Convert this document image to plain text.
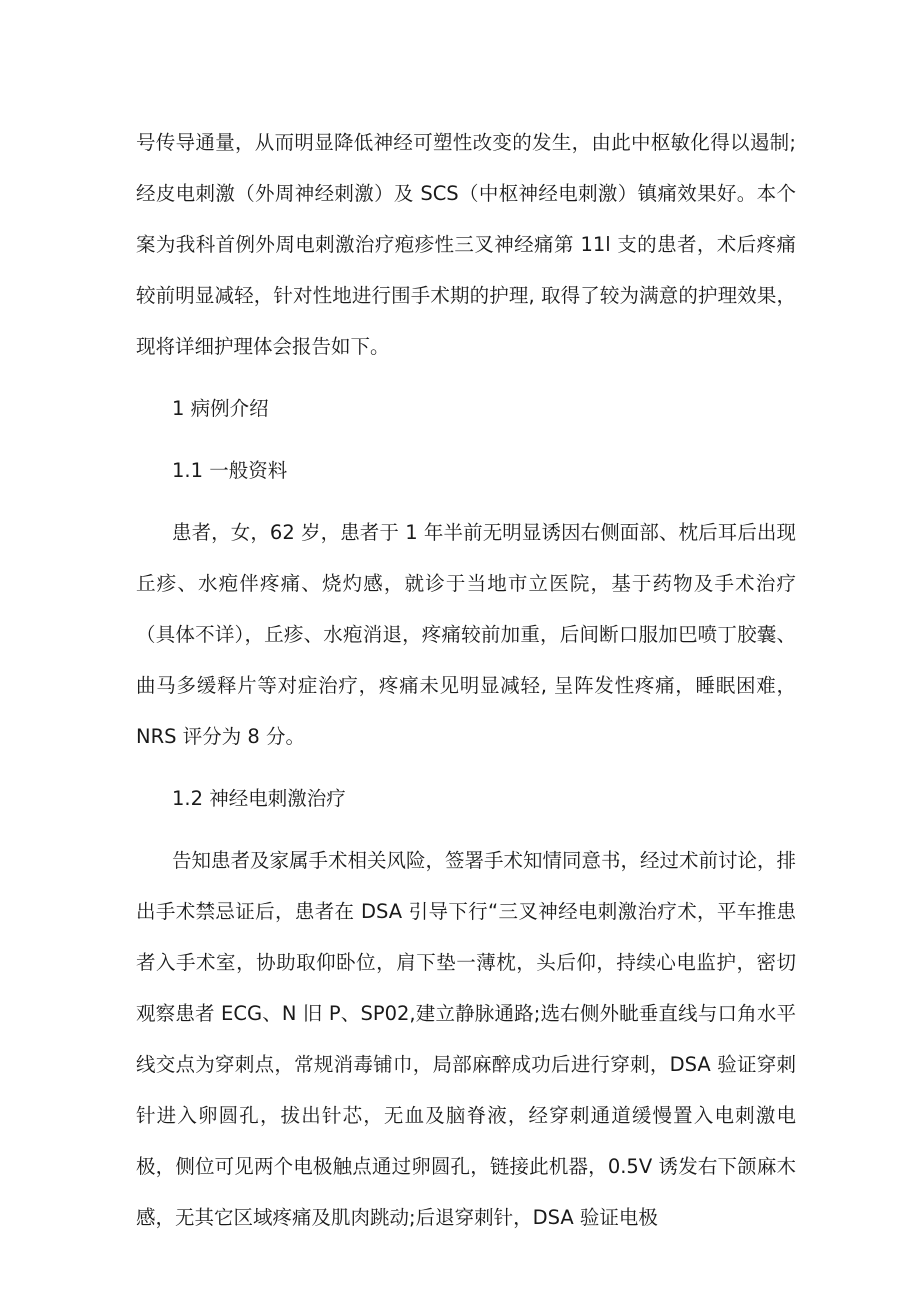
号传导通量，从而明显降低神经可塑性改变的发生，由此中枢敏化得以遏制;经皮电刺激（外周神经刺激）及 SCS（中枢神经电刺激）镇痛效果好。本个案为我科首例外周电刺激治疗疱疹性三叉神经痛第 11l 支的患者，术后疼痛较前明显减轻，针对性地进行围手术期的护理, 取得了较为满意的护理效果，现将详细护理体会报告如下。

1 病例介绍

1.1 一般资料

患者，女，62 岁，患者于 1 年半前无明显诱因右侧面部、枕后耳后出现丘疹、水疱伴疼痛、烧灼感，就诊于当地市立医院，基于药物及手术治疗（具体不详），丘疹、水疱消退，疼痛较前加重，后间断口服加巴喷丁胶囊、曲马多缓释片等对症治疗，疼痛未见明显减轻, 呈阵发性疼痛，睡眠困难，NRS 评分为 8 分。

1.2 神经电刺激治疗

告知患者及家属手术相关风险，签署手术知情同意书，经过术前讨论，排出手术禁忌证后，患者在 DSA 引导下行“三叉神经电刺激治疗术，平车推患者入手术室，协助取仰卧位，肩下垫一薄枕，头后仰，持续心电监护，密切观察患者 ECG、N 旧 P、SP02,建立静脉通路;选右侧外眦垂直线与口角水平线交点为穿刺点，常规消毒铺巾，局部麻醉成功后进行穿刺，DSA 验证穿刺针进入卵圆孔，拔出针芯，无血及脑脊液，经穿刺通道缓慢置入电刺激电极，侧位可见两个电极触点通过卵圆孔，链接此机器，0.5V 诱发右下颌麻木感，无其它区域疼痛及肌肉跳动;后退穿刺针，DSA 验证电极
